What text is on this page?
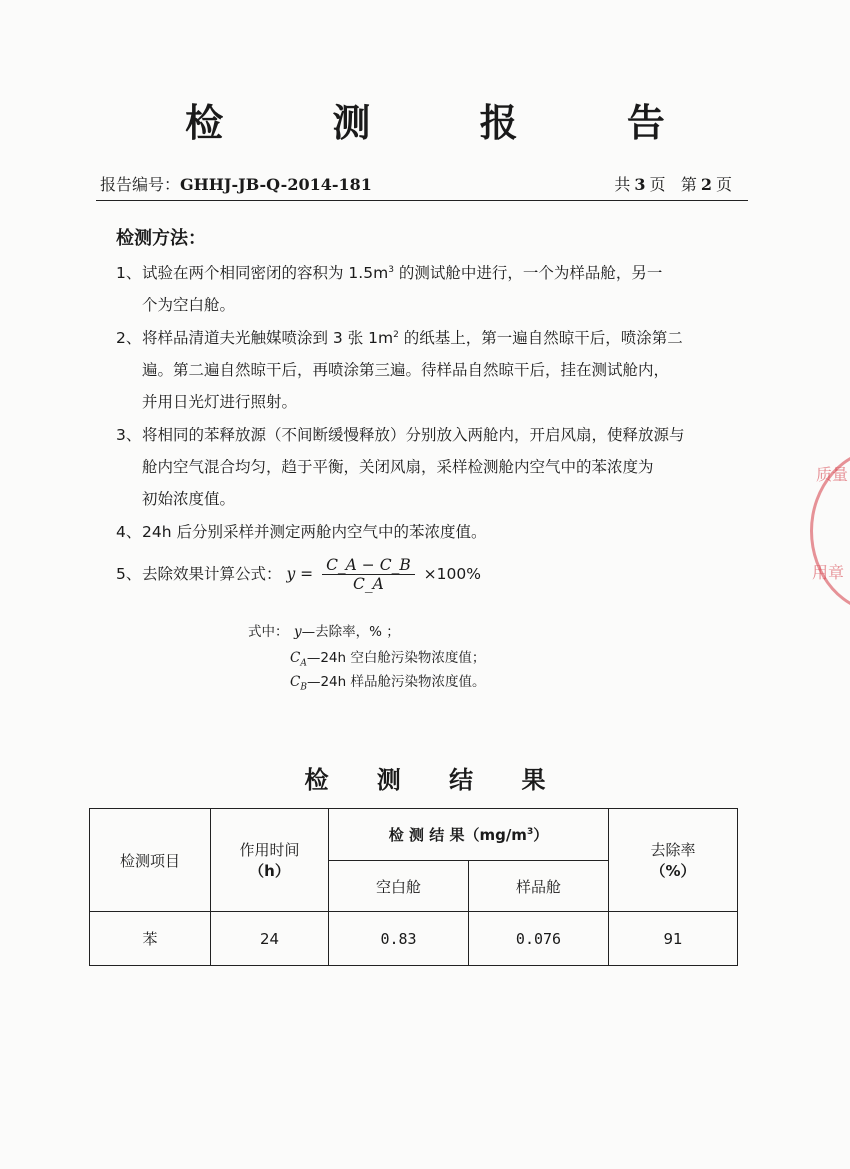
检 测 报 告
报告编号：GHHJ-JB-Q-2014-181	共 3 页 第 2 页
检测方法：
1、试验在两个相同密闭的容积为 $1.5m^3$ 的测试舱中进行，一个为样品舱，另一
个为空白舱。
2、将样品清道夫光触媒喷涂到 3 张 $1m^2$ 的纸基上，第一遍自然晾干后，喷涂第二
遍。第二遍自然晾干后，再喷涂第三遍。待样品自然晾干后，挂在测试舱内，
并用日光灯进行照射。
3、将相同的苯释放源（不间断缓慢释放）分别放入两舱内，开启风扇，使释放源与
舱内空气混合均匀，趋于平衡，关闭风扇，采样检测舱内空气中的苯浓度为
初始浓度值。
4、24h 后分别采样并测定两舱内空气中的苯浓度值。
5、去除效果计算公式： $y = \frac{C\_A - C\_B}{C\_A} \times 100\%$
式中： y—去除率，% ；
$C_A—24h$ 空白舱污染物浓度值；
$C_B—24h$ 样品舱污染物浓度值。
检 测 结 果
检测项目	作用时间
（h）	检 测 结 果$(mg/m^3)$		去除率
（%）
		空白舱	样品舱	
苯	24	0.83	0.076	91
质量
用章
